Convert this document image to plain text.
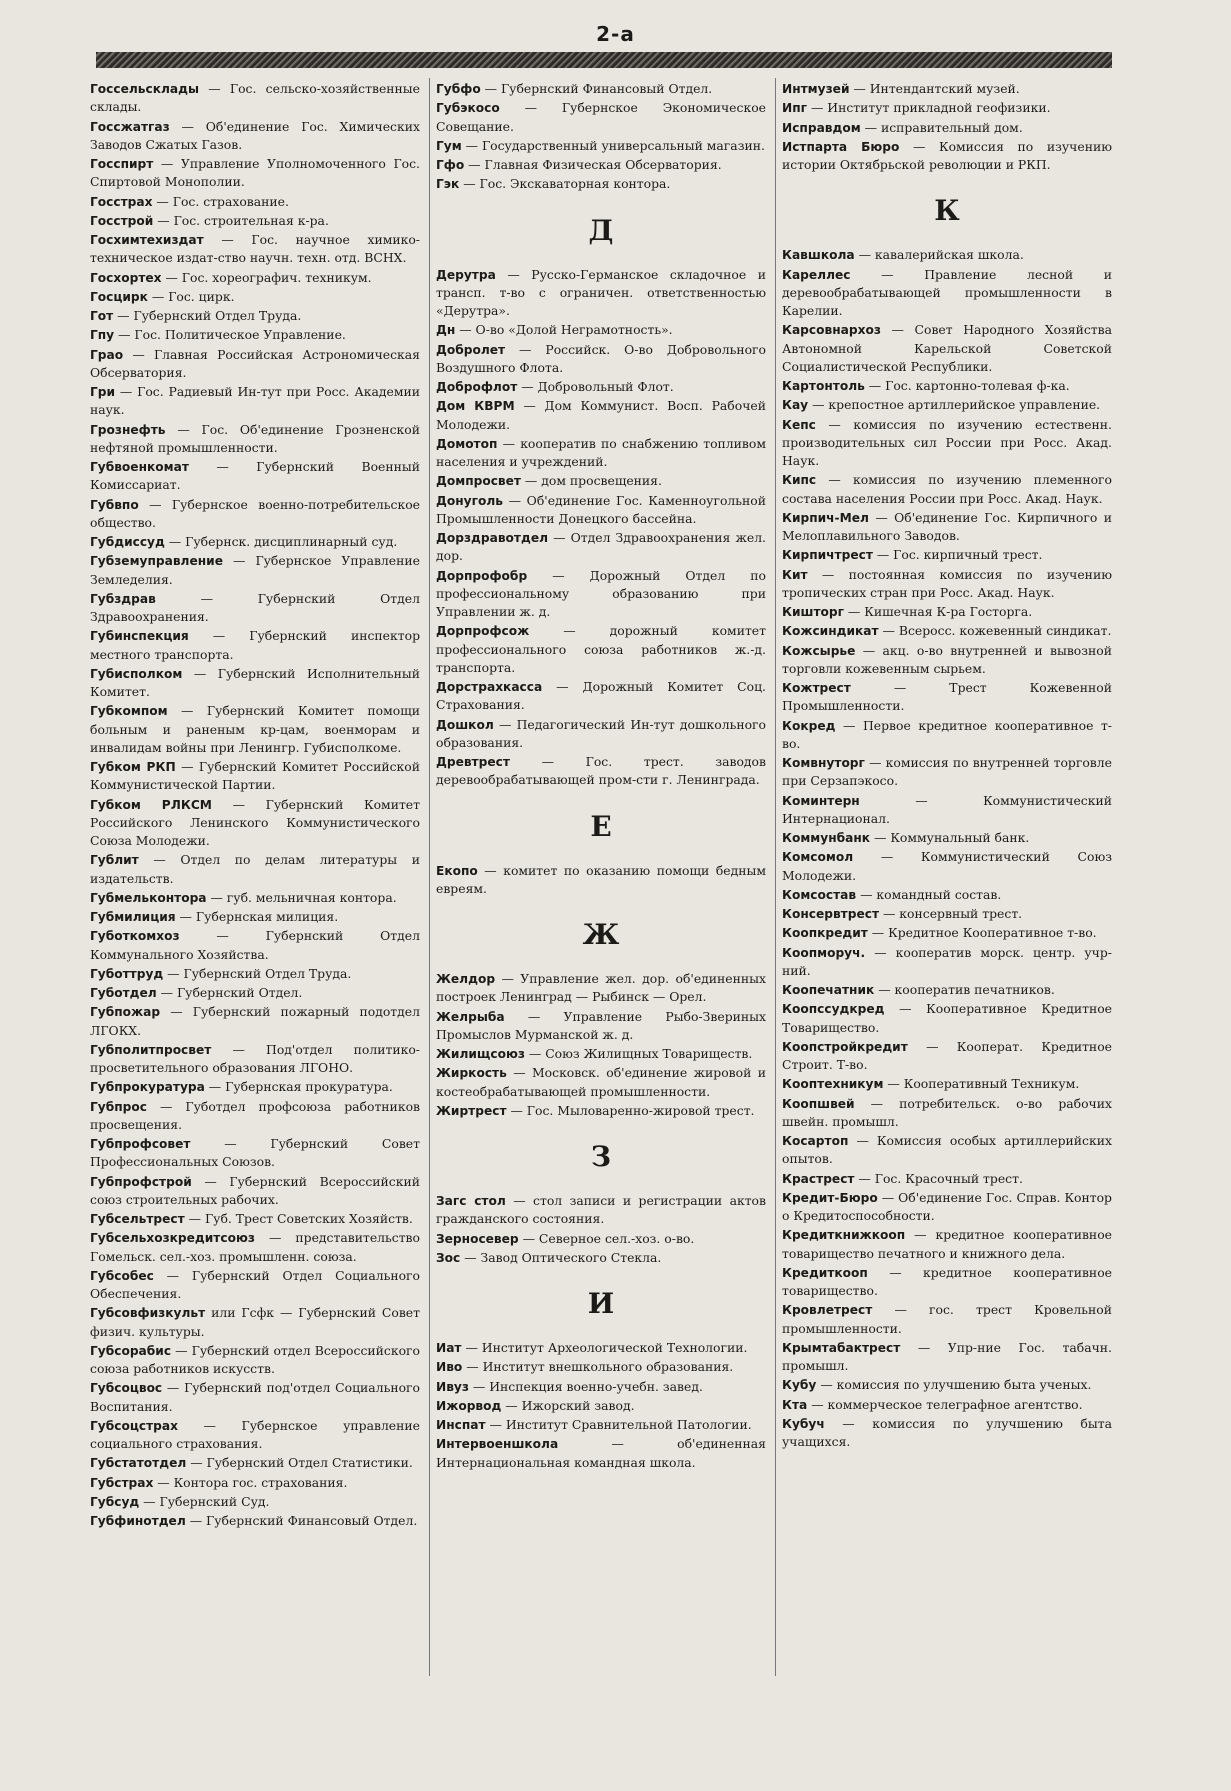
2-а
Госсельсклады — Гос. сельско-хозяйственные склады.
Госсжатгаз — Об'единение Гос. Химических Заводов Сжатых Газов.
Госспирт — Управление Уполномоченного Гос. Спиртовой Монополии.
Госстрах — Гос. страхование.
Госстрой — Гос. строительная к-ра.
Госхимтехиздат — Гос. научное химико-техническое издат-ство научн. техн. отд. ВСНХ.
Госхортех — Гос. хореографич. техникум.
Госцирк — Гос. цирк.
Гот — Губернский Отдел Труда.
Гпу — Гос. Политическое Управление.
Грао — Главная Российская Астрономическая Обсерватория.
Гри — Гос. Радиевый Ин-тут при Росс. Академии наук.
Грознефть — Гос. Об'единение Грозненской нефтяной промышленности.
Губвоенкомат — Губернский Военный Комиссариат.
Губвпо — Губернское военно-потребительское общество.
Губдиссуд — Губернск. дисциплинарный суд.
Губземуправление — Губернское Управление Земледелия.
Губздрав — Губернский Отдел Здравоохранения.
Губинспекция — Губернский инспектор местного транспорта.
Губисполком — Губернский Исполнительный Комитет.
Губкомпом — Губернский Комитет помощи больным и раненым кр-цам, военморам и инвалидам войны при Ленингр. Губисполкоме.
Губком РКП — Губернский Комитет Российской Коммунистической Партии.
Губком РЛКСМ — Губернский Комитет Российского Ленинского Коммунистического Союза Молодежи.
Гублит — Отдел по делам литературы и издательств.
Губмельконтора — губ. мельничная контора.
Губмилиция — Губернская милиция.
Губоткомхоз — Губернский Отдел Коммунального Хозяйства.
Губоттруд — Губернский Отдел Труда.
Губотдел — Губернский Отдел.
Губпожар — Губернский пожарный подотдел ЛГОКХ.
Губполитпросвет — Под'отдел политико-просветительного образования ЛГОНО.
Губпрокуратура — Губернская прокуратура.
Губпрос — Губотдел профсоюза работников просвещения.
Губпрофсовет — Губернский Совет Профессиональных Союзов.
Губпрофстрой — Губернский Всероссийский союз строительных рабочих.
Губсельтрест — Губ. Трест Советских Хозяйств.
Губсельхозкредитсоюз — представительство Гомельск. сел.-хоз. промышленн. союза.
Губсобес — Губернский Отдел Социального Обеспечения.
Губсовфизкульт или Гсфк — Губернский Совет физич. культуры.
Губсорабис — Губернский отдел Всероссийского союза работников искусств.
Губсоцвос — Губернский под'отдел Социального Воспитания.
Губсоцстрах — Губернское управление социального страхования.
Губстатотдел — Губернский Отдел Статистики.
Губстрах — Контора гос. страхования.
Губсуд — Губернский Суд.
Губфинотдел — Губернский Финансовый Отдел.
Губфо — Губернский Финансовый Отдел.
Губэкосо — Губернское Экономическое Совещание.
Гум — Государственный универсальный магазин.
Гфо — Главная Физическая Обсерватория.
Гэк — Гос. Экскаваторная контора.
Д
Дерутра — Русско-Германское складочное и трансп. т-во с ограничен. ответственностью «Дерутра».
Дн — О-во «Долой Неграмотность».
Добролет — Российск. О-во Добровольного Воздушного Флота.
Доброфлот — Добровольный Флот.
Дом КВРМ — Дом Коммунист. Восп. Рабочей Молодежи.
Домотоп — кооператив по снабжению топливом населения и учреждений.
Домпросвет — дом просвещения.
Донуголь — Об'единение Гос. Каменноугольной Промышленности Донецкого бассейна.
Дорздравотдел — Отдел Здравоохранения жел. дор.
Дорпрофобр — Дорожный Отдел по профессиональному образованию при Управлении ж. д.
Дорпрофсож — дорожный комитет профессионального союза работников ж.-д. транспорта.
Дорстрахкасса — Дорожный Комитет Соц. Страхования.
Дошкол — Педагогический Ин-тут дошкольного образования.
Древтрест — Гос. трест. заводов деревообрабатывающей пром-сти г. Ленинграда.
Е
Екопо — комитет по оказанию помощи бедным евреям.
Ж
Желдор — Управление жел. дор. об'единенных построек Ленинград — Рыбинск — Орел.
Желрыба — Управление Рыбо-Звериных Промыслов Мурманской ж. д.
Жилищсоюз — Союз Жилищных Товариществ.
Жиркость — Московск. об'единение жировой и костеобрабатывающей промышленности.
Жиртрест — Гос. Мыловаренно-жировой трест.
З
Загс стол — стол записи и регистрации актов гражданского состояния.
Зерносевер — Северное сел.-хоз. о-во.
Зос — Завод Оптического Стекла.
И
Иат — Институт Археологической Технологии.
Иво — Институт внешкольного образования.
Ивуз — Инспекция военно-учебн. завед.
Ижорвод — Ижорский завод.
Инспат — Институт Сравнительной Патологии.
Интервоеншкола — об'единенная Интернациональная командная школа.
Интмузей — Интендантский музей.
Ипг — Институт прикладной геофизики.
Исправдом — исправительный дом.
Истпарта Бюро — Комиссия по изучению истории Октябрьской революции и РКП.
К
Кавшкола — кавалерийская школа.
Кареллес — Правление лесной и деревообрабатывающей промышленности в Карелии.
Карсовнархоз — Совет Народного Хозяйства Автономной Карельской Советской Социалистической Республики.
Картонтоль — Гос. картонно-толевая ф-ка.
Кау — крепостное артиллерийское управление.
Кепс — комиссия по изучению естественн. производительных сил России при Росс. Акад. Наук.
Кипс — комиссия по изучению племенного состава населения России при Росс. Акад. Наук.
Кирпич-Мел — Об'единение Гос. Кирпичного и Мелоплавильного Заводов.
Кирпичтрест — Гос. кирпичный трест.
Кит — постоянная комиссия по изучению тропических стран при Росс. Акад. Наук.
Кишторг — Кишечная К-ра Госторга.
Кожсиндикат — Всеросс. кожевенный синдикат.
Кожсырье — акц. о-во внутренней и вывозной торговли кожевенным сырьем.
Кожтрест — Трест Кожевенной Промышленности.
Кокред — Первое кредитное кооперативное т-во.
Комвнуторг — комиссия по внутренней торговле при Серзапэкосо.
Коминтерн — Коммунистический Интернационал.
Коммунбанк — Коммунальный банк.
Комсомол — Коммунистический Союз Молодежи.
Комсостав — командный состав.
Консервтрест — консервный трест.
Коопкредит — Кредитное Кооперативное т-во.
Коопморуч. — кооператив морск. центр. учр-ний.
Коопечатник — кооператив печатников.
Коопссудкред — Кооперативное Кредитное Товарищество.
Коопстройкредит — Кооперат. Кредитное Строит. Т-во.
Кооптехникум — Кооперативный Техникум.
Коопшвей — потребительск. о-во рабочих швейн. промышл.
Косартоп — Комиссия особых артиллерийских опытов.
Крастрест — Гос. Красочный трест.
Кредит-Бюро — Об'единение Гос. Справ. Контор о Кредитоспособности.
Кредиткнижкооп — кредитное кооперативное товарищество печатного и книжного дела.
Кредиткооп — кредитное кооперативное товарищество.
Кровлетрест — гос. трест Кровельной промышленности.
Крымтабактрест — Упр-ние Гос. табачн. промышл.
Кубу — комиссия по улучшению быта ученых.
Кта — коммерческое телеграфное агентство.
Кубуч — комиссия по улучшению быта учащихся.
